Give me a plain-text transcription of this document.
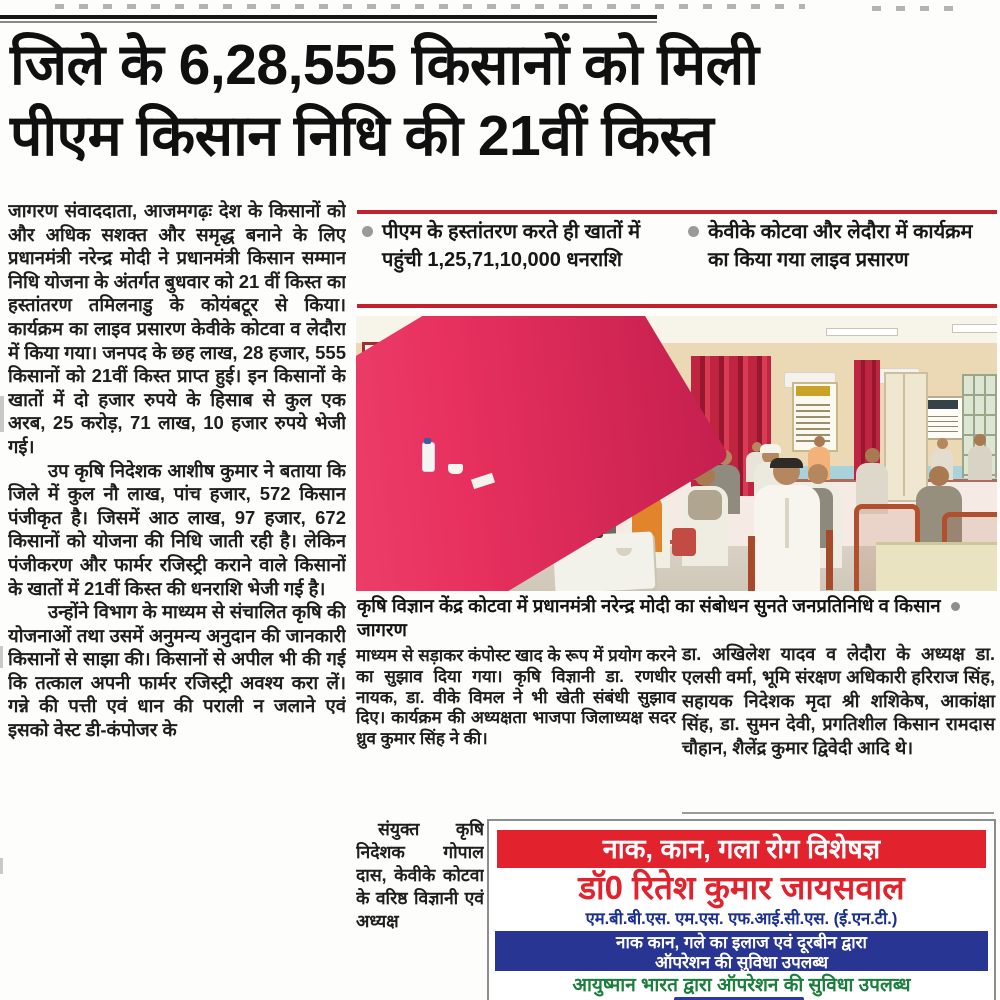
जिले के 6,28,555 किसानों को मिली
पीएम किसान निधि की 21वीं किस्त

जागरण संवाददाता, आजमगढ़ः देश के किसानों को और अधिक सशक्त और समृद्ध बनाने के लिए प्रधानमंत्री नरेन्द्र मोदी ने प्रधानमंत्री किसान सम्मान निधि योजना के अंतर्गत बुधवार को 21 वीं किस्त का हस्तांतरण तमिलनाडु के कोयंबटूर से किया। कार्यक्रम का लाइव प्रसारण केवीके कोटवा व लेदौरा में किया गया। जनपद के छह लाख, 28 हजार, 555 किसानों को 21वीं किस्त प्राप्त हुई। इन किसानों के खातों में दो हजार रुपये के हिसाब से कुल एक अरब, 25 करोड़, 71 लाख, 10 हजार रुपये भेजी गई।

उप कृषि निदेशक आशीष कुमार ने बताया कि जिले में कुल नौ लाख, पांच हजार, 572 किसान पंजीकृत है। जिसमें आठ लाख, 97 हजार, 672 किसानों को योजना की निधि जाती रही है। लेकिन पंजीकरण और फार्मर रजिस्ट्री कराने वाले किसानों के खातों में 21वीं किस्त की धनराशि भेजी गई है।

उन्होंने विभाग के माध्यम से संचालित कृषि की योजनाओं तथा उसमें अनुमन्य अनुदान की जानकारी किसानों से साझा की। किसानों से अपील भी की गई कि तत्काल अपनी फार्मर रजिस्ट्री अवश्य करा लें। गन्ने की पत्ती एवं धान की पराली न जलाने एवं इसको वेस्ट डी-कंपोजर के

पीएम के हस्तांतरण करते ही खातों में पहुंची 1,25,71,10,000 धनराशि
केवीके कोटवा और लेदौरा में कार्यक्रम का किया गया लाइव प्रसारण
कृषि विज्ञान केंद्र कोटवा में प्रधानमंत्री नरेन्द्र मोदी का संबोधन सुनते जनप्रतिनिधि व किसानजागरण
माध्यम से सड़ाकर कंपोस्ट खाद के रूप में प्रयोग करने का सुझाव दिया गया। कृषि विज्ञानी डा. रणधीर नायक, डा. वीके विमल ने भी खेती संबंधी सुझाव दिए। कार्यक्रम की अध्यक्षता भाजपा जिलाध्यक्ष सदर ध्रुव कुमार सिंह ने की।
डा. अखिलेश यादव व लेदौरा के अध्यक्ष डा. एलसी वर्मा, भूमि संरक्षण अधिकारी हरिराज सिंह, सहायक निदेशक मृदा श्री शशिकेष, आकांक्षा सिंह, डा. सुमन देवी, प्रगतिशील किसान रामदास चौहान, शैलेंद्र कुमार द्विवेदी आदि थे।
संयुक्त कृषि निदेशक गोपाल दास, केवीके कोटवा के वरिष्ठ विज्ञानी एवं अध्यक्ष
नाक, कान, गला रोग विशेषज्ञ
डॉ0 रितेश कुमार जायसवाल
एम.बी.बी.एस. एम.एस. एफ.आई.सी.एस. (ई.एन.टी.)
नाक कान, गले का इलाज एवं दूरबीन द्वारा
ऑपरेशन की सुविधा उपलब्ध
आयुष्मान भारत द्वारा ऑपरेशन की सुविधा उपलब्ध
